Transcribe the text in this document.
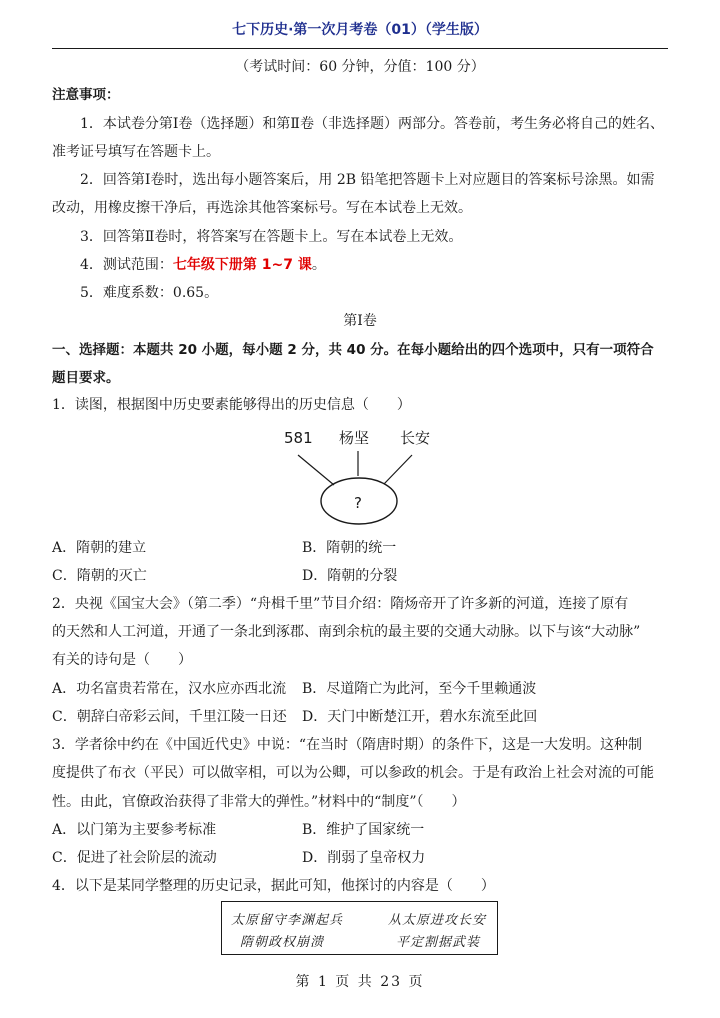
七下历史·第一次月考卷（01）（学生版）
（考试时间：60 分钟，分值：100 分）
注意事项：
1．本试卷分第Ⅰ卷（选择题）和第Ⅱ卷（非选择题）两部分。答卷前，考生务必将自己的姓名、
准考证号填写在答题卡上。
2．回答第Ⅰ卷时，选出每小题答案后，用 2B 铅笔把答题卡上对应题目的答案标号涂黑。如需
改动，用橡皮擦干净后，再选涂其他答案标号。写在本试卷上无效。
3．回答第Ⅱ卷时，将答案写在答题卡上。写在本试卷上无效。
4．测试范围：七年级下册第 1~7 课。
5．难度系数：0.65。
第Ⅰ卷
一、选择题：本题共 20 小题，每小题 2 分，共 40 分。在每小题给出的四个选项中，只有一项符合
题目要求。
1．读图，根据图中历史要素能够得出的历史信息（　　）
581 杨坚 长安
?
A．隋朝的建立	B．隋朝的统一
C．隋朝的灭亡	D．隋朝的分裂
2．央视《国宝大会》（第二季）“舟楫千里”节目介绍：隋炀帝开了许多新的河道，连接了原有
的天然和人工河道，开通了一条北到涿郡、南到余杭的最主要的交通大动脉。以下与该“大动脉”
有关的诗句是（　　）
A．功名富贵若常在，汉水应亦西北流 B．尽道隋亡为此河，至今千里赖通波
C．朝辞白帝彩云间，千里江陵一日还 D．天门中断楚江开，碧水东流至此回
3．学者徐中约在《中国近代史》中说：“在当时（隋唐时期）的条件下，这是一大发明。这种制
度提供了布衣（平民）可以做宰相，可以为公卿，可以参政的机会。于是有政治上社会对流的可能
性。由此，官僚政治获得了非常大的弹性。”材料中的“制度”（　　）
A．以门第为主要参考标准	B．维护了国家统一
C．促进了社会阶层的流动	D．削弱了皇帝权力
4．以下是某同学整理的历史记录，据此可知，他探讨的内容是（　　）
太原留守李渊起兵	从太原进攻长安
隋朝政权崩溃	平定割据武装
第 1 页 共 23 页
